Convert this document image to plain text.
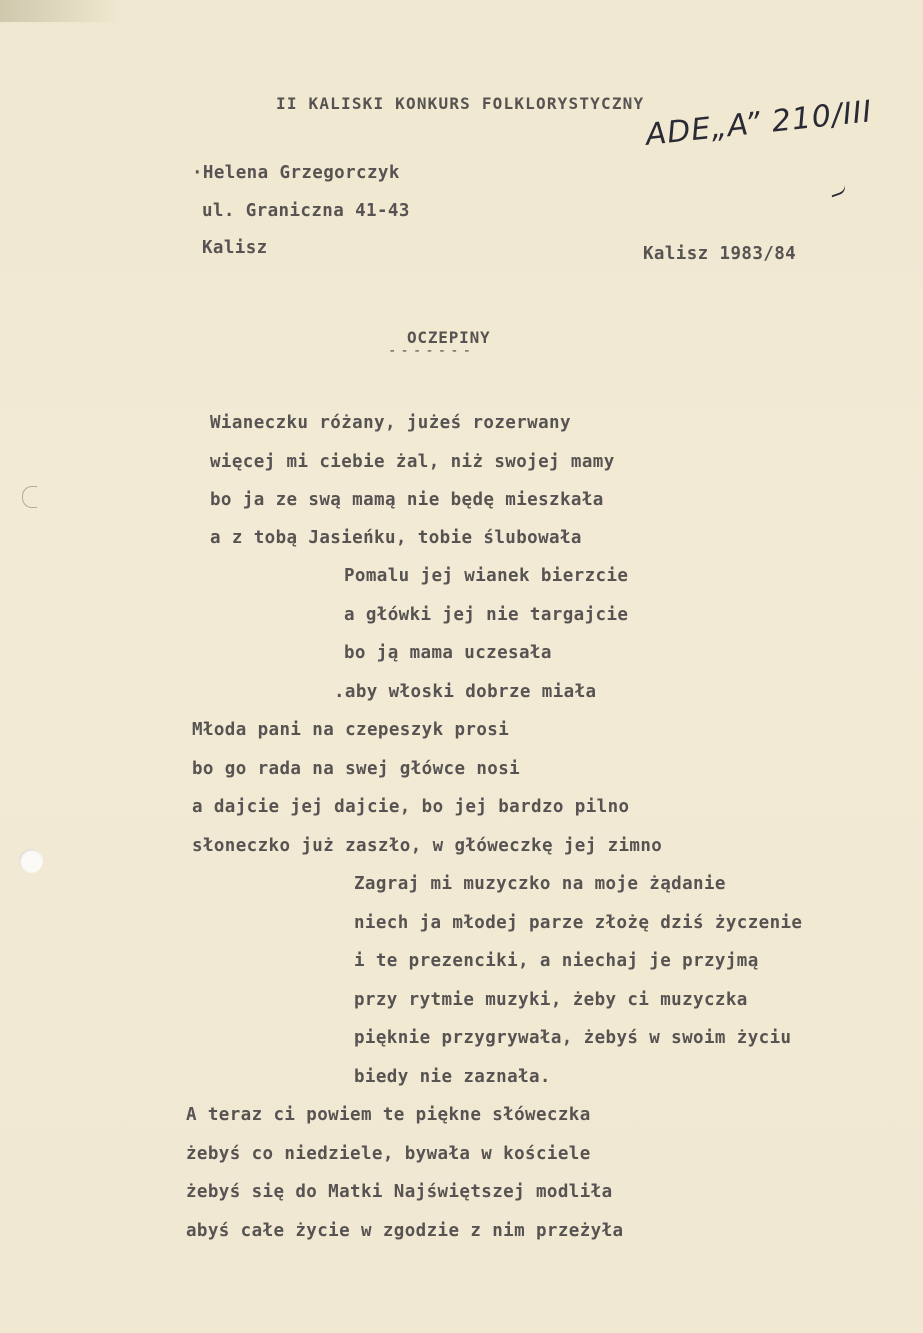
II KALISKI KONKURS FOLKLORYSTYCZNY ADE„A” 210/III
·Helena Grzegorczyk
ul. Graniczna 41-43
Kalisz	Kalisz 1983/84
OCZEPINY
-------
Wianeczku różany, jużeś rozerwany
więcej mi ciebie żal, niż swojej mamy
bo ja ze swą mamą nie będę mieszkała
a z tobą Jasieńku, tobie ślubowała
Pomalu jej wianek bierzcie
a główki jej nie targajcie
bo ją mama uczesała
.aby włoski dobrze miała
Młoda pani na czepeszyk prosi
bo go rada na swej główce nosi
a dajcie jej dajcie, bo jej bardzo pilno
słoneczko już zaszło, w główeczkę jej zimno
Zagraj mi muzyczko na moje żądanie
niech ja młodej parze złożę dziś życzenie
i te prezenciki, a niechaj je przyjmą
przy rytmie muzyki, żeby ci muzyczka
pięknie przygrywała, żebyś w swoim życiu
biedy nie zaznała.
A teraz ci powiem te piękne słóweczka
żebyś co niedziele, bywała w kościele
żebyś się do Matki Najświętszej modliła
abyś całe życie w zgodzie z nim przeżyła
